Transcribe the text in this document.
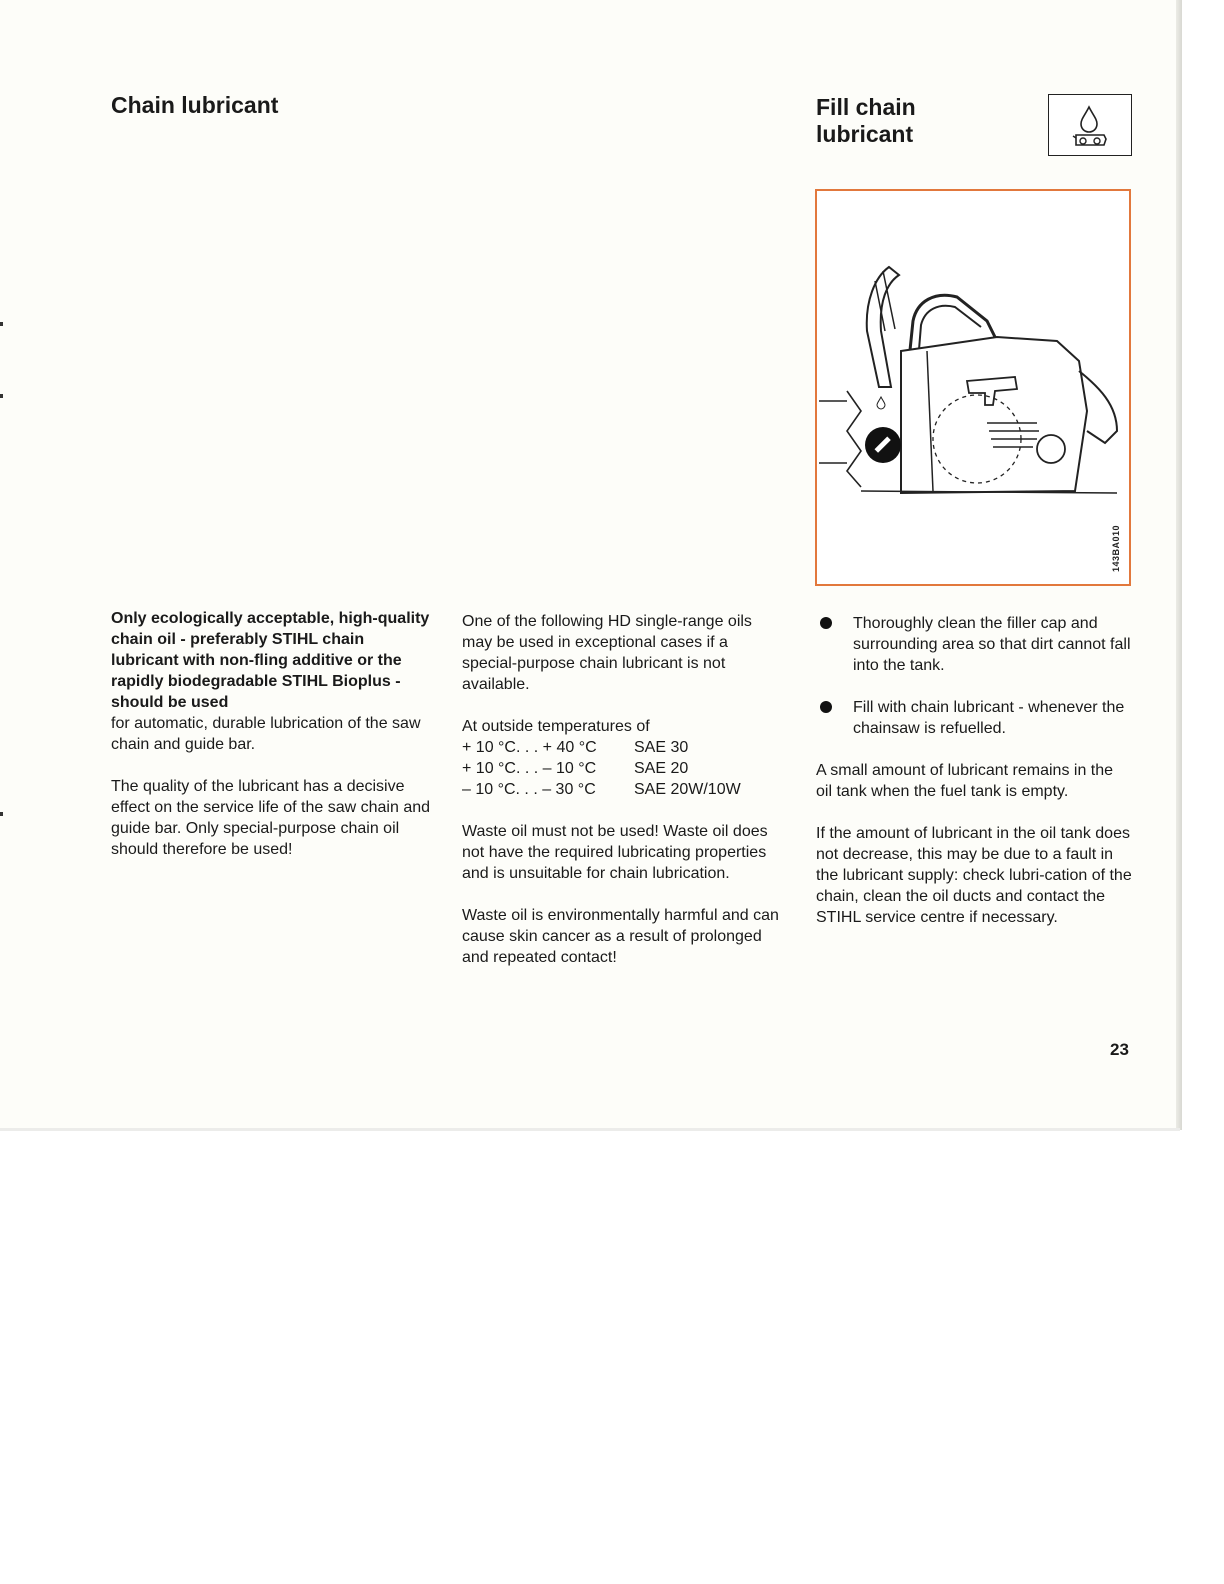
Chain lubricant	Fill chain lubricant
143BA010

Only ecologically acceptable, high-quality chain oil - preferably STIHL chain lubricant with non-fling additive or the rapidly biodegradable STIHL Bioplus - should be used
for automatic, durable lubrication of the saw chain and guide bar.

The quality of the lubricant has a decisive effect on the service life of the saw chain and guide bar. Only special-purpose chain oil should therefore be used!

One of the following HD single-range oils may be used in exceptional cases if a special-purpose chain lubricant is not available.

At outside temperatures of
+ 10 °C. . . + 40 °C	SAE 30
+ 10 °C. . . – 10 °C	SAE 20
– 10 °C. . . – 30 °C	SAE 20W/10W

Waste oil must not be used! Waste oil does not have the required lubricating properties and is unsuitable for chain lubrication.

Waste oil is environmentally harmful and can cause skin cancer as a result of prolonged and repeated contact!

Thoroughly clean the filler cap and surrounding area so that dirt cannot fall into the tank.
Fill with chain lubricant - whenever the chainsaw is refuelled.

A small amount of lubricant remains in the oil tank when the fuel tank is empty.

If the amount of lubricant in the oil tank does not decrease, this may be due to a fault in the lubricant supply: check lubri-cation of the chain, clean the oil ducts and contact the STIHL service centre if necessary.

23
